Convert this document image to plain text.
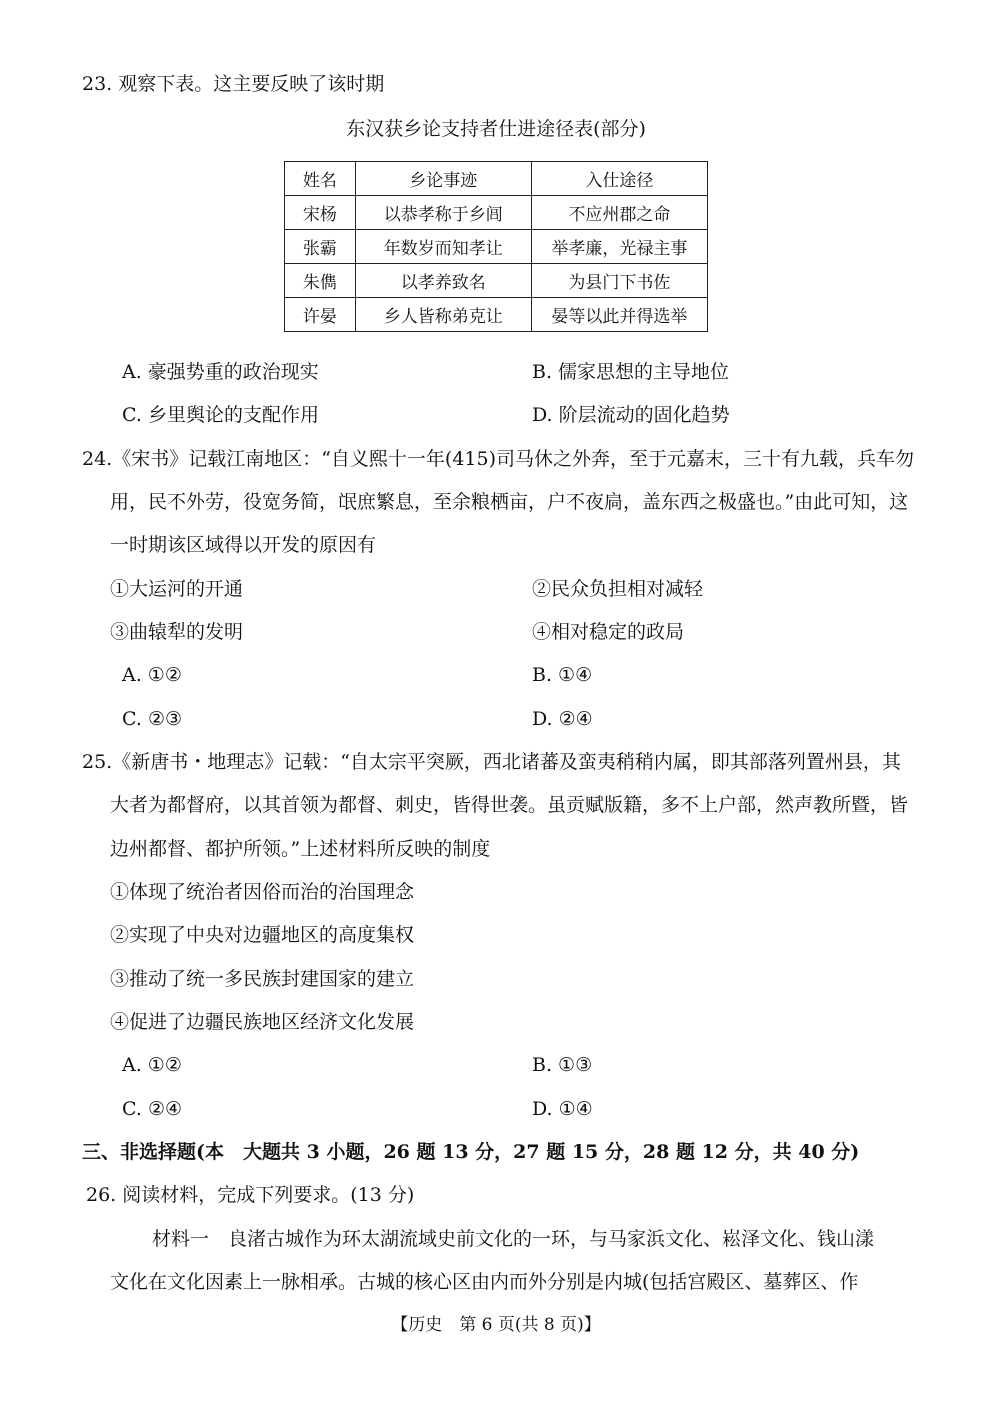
23. 观察下表。这主要反映了该时期
东汉获乡论支持者仕进途径表(部分)
姓名	乡论事迹	入仕途径
宋杨	以恭孝称于乡闾	不应州郡之命
张霸	年数岁而知孝让	举孝廉，光禄主事
朱儁	以孝养致名	为县门下书佐
许晏	乡人皆称弟克让	晏等以此并得选举
A. 豪强势重的政治现实	B. 儒家思想的主导地位
C. 乡里舆论的支配作用	D. 阶层流动的固化趋势
24.《宋书》记载江南地区：“自义熙十一年(415)司马休之外奔，至于元嘉末，三十有九载，兵车勿
用，民不外劳，役宽务简，氓庶繁息，至余粮栖亩，户不夜扃，盖东西之极盛也。”由此可知，这
一时期该区域得以开发的原因有
①大运河的开通	②民众负担相对减轻
③曲辕犁的发明	④相对稳定的政局
A. ①②	B. ①④
C. ②③	D. ②④
25.《新唐书・地理志》记载：“自太宗平突厥，西北诸蕃及蛮夷稍稍内属，即其部落列置州县，其
大者为都督府，以其首领为都督、刺史，皆得世袭。虽贡赋版籍，多不上户部，然声教所暨，皆
边州都督、都护所领。”上述材料所反映的制度
①体现了统治者因俗而治的治国理念
②实现了中央对边疆地区的高度集权
③推动了统一多民族封建国家的建立
④促进了边疆民族地区经济文化发展
A. ①②	B. ①③
C. ②④	D. ①④
三、非选择题(本　大题共 3 小题，26 题 13 分，27 题 15 分，28 题 12 分，共 40 分)
26. 阅读材料，完成下列要求。(13 分)
材料一　良渚古城作为环太湖流域史前文化的一环，与马家浜文化、崧泽文化、钱山漾
文化在文化因素上一脉相承。古城的核心区由内而外分别是内城(包括宫殿区、墓葬区、作
【历史　第 6 页(共 8 页)】
